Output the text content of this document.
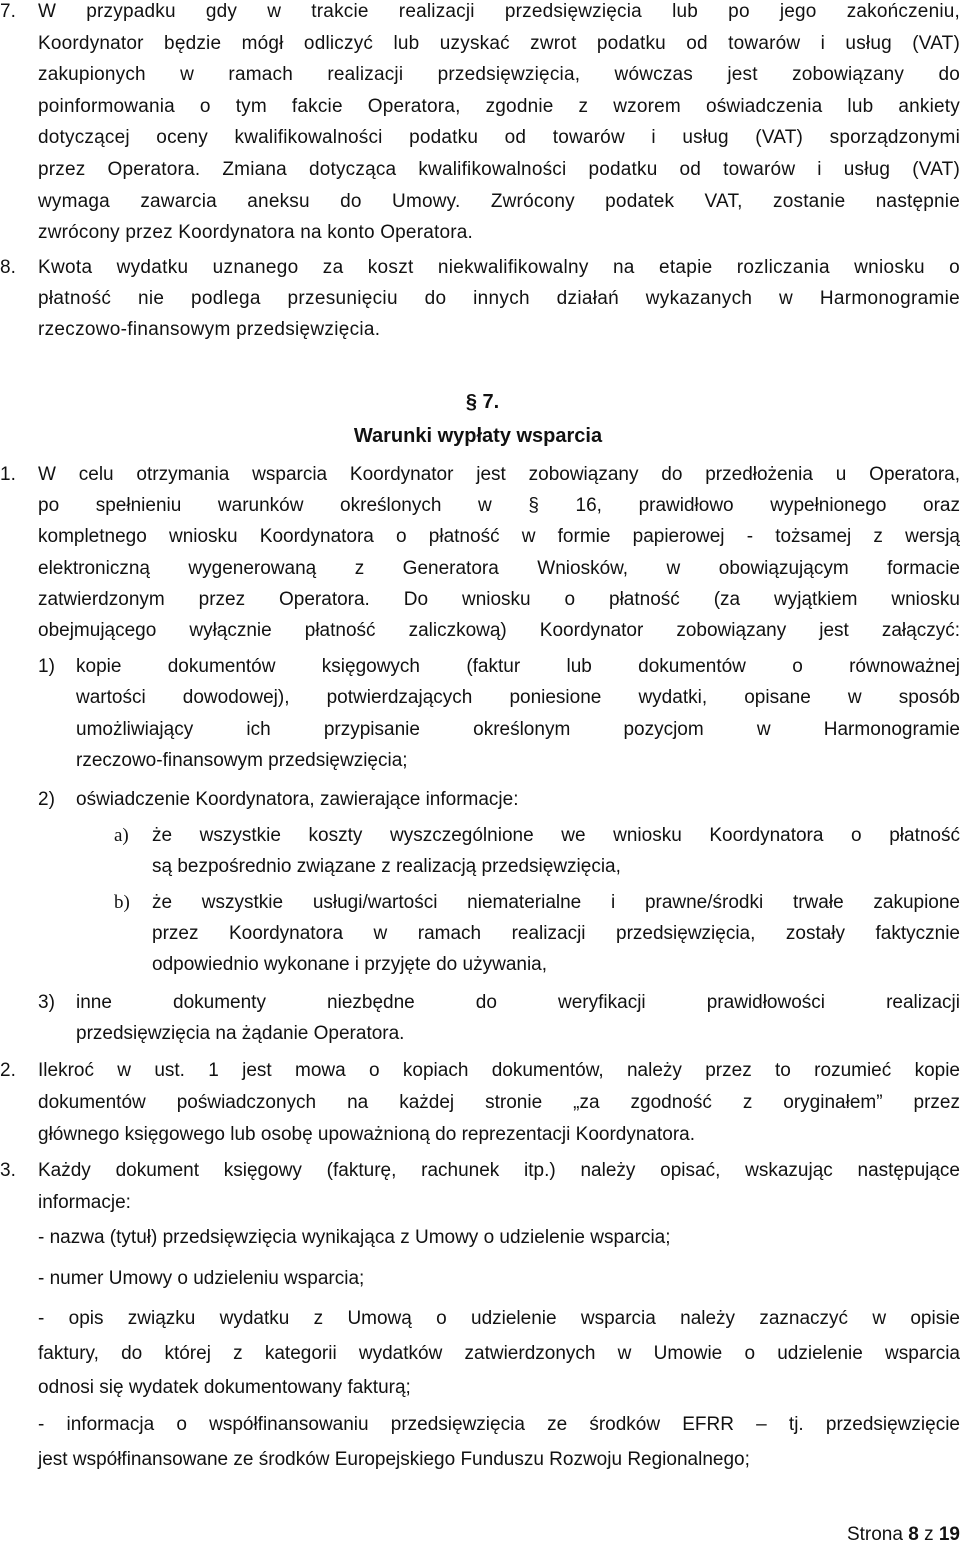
7. W przypadku gdy w trakcie realizacji przedsięwzięcia lub po jego zakończeniu,
Koordynator będzie mógł odliczyć lub uzyskać zwrot podatku od towarów i usług (VAT)
zakupionych w ramach realizacji przedsięwzięcia, wówczas jest zobowiązany do
poinformowania o tym fakcie Operatora, zgodnie z wzorem oświadczenia lub ankiety
dotyczącej oceny kwalifikowalności podatku od towarów i usług (VAT) sporządzonymi
przez Operatora. Zmiana dotycząca kwalifikowalności podatku od towarów i usług (VAT)
wymaga zawarcia aneksu do Umowy. Zwrócony podatek VAT, zostanie następnie
zwrócony przez Koordynatora na konto Operatora.
8. Kwota wydatku uznanego za koszt niekwalifikowalny na etapie rozliczania wniosku o
płatność nie podlega przesunięciu do innych działań wykazanych w Harmonogramie
rzeczowo-finansowym przedsięwzięcia.
§ 7.
Warunki wypłaty wsparcia
1. W celu otrzymania wsparcia Koordynator jest zobowiązany do przedłożenia u Operatora,
po spełnieniu warunków określonych w § 16, prawidłowo wypełnionego oraz
kompletnego wniosku Koordynatora o płatność w formie papierowej - tożsamej z wersją
elektroniczną wygenerowaną z Generatora Wniosków, w obowiązującym formacie
zatwierdzonym przez Operatora. Do wniosku o płatność (za wyjątkiem wniosku
obejmującego wyłącznie płatność zaliczkową) Koordynator zobowiązany jest załączyć:
1) kopie dokumentów księgowych (faktur lub dokumentów o równoważnej
wartości dowodowej), potwierdzających poniesione wydatki, opisane w sposób
umożliwiający ich przypisanie określonym pozycjom w Harmonogramie
rzeczowo-finansowym przedsięwzięcia;
2) oświadczenie Koordynatora, zawierające informacje:
a) że wszystkie koszty wyszczególnione we wniosku Koordynatora o płatność
są bezpośrednio związane z realizacją przedsięwzięcia,
b) że wszystkie usługi/wartości niematerialne i prawne/środki trwałe zakupione
przez Koordynatora w ramach realizacji przedsięwzięcia, zostały faktycznie
odpowiednio wykonane i przyjęte do używania,
3) inne dokumenty niezbędne do weryfikacji prawidłowości realizacji
przedsięwzięcia na żądanie Operatora.
2. Ilekroć w ust. 1 jest mowa o kopiach dokumentów, należy przez to rozumieć kopie
dokumentów poświadczonych na każdej stronie „za zgodność z oryginałem” przez
głównego księgowego lub osobę upoważnioną do reprezentacji Koordynatora.
3. Każdy dokument księgowy (fakturę, rachunek itp.) należy opisać, wskazując następujące
informacje:
- nazwa (tytuł) przedsięwzięcia wynikająca z Umowy o udzielenie wsparcia;
- numer Umowy o udzieleniu wsparcia;
- opis związku wydatku z Umową o udzielenie wsparcia należy zaznaczyć w opisie
faktury, do której z kategorii wydatków zatwierdzonych w Umowie o udzielenie wsparcia
odnosi się wydatek dokumentowany fakturą;
- informacja o współfinansowaniu przedsięwzięcia ze środków EFRR – tj. przedsięwzięcie
jest współfinansowane ze środków Europejskiego Funduszu Rozwoju Regionalnego;
Strona 8 z 19
